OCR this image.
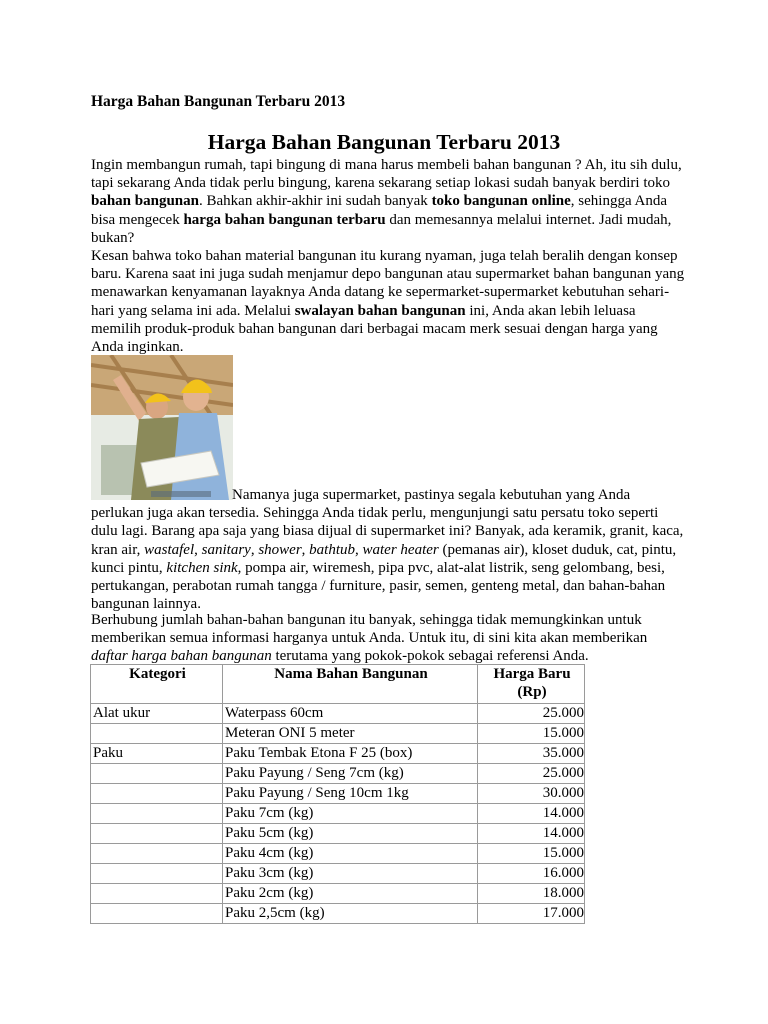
Harga Bahan Bangunan Terbaru 2013
Harga Bahan Bangunan Terbaru 2013

Ingin membangun rumah, tapi bingung di mana harus membeli bahan bangunan ? Ah, itu sih dulu, tapi sekarang Anda tidak perlu bingung, karena sekarang setiap lokasi sudah banyak berdiri toko bahan bangunan. Bahkan akhir-akhir ini sudah banyak toko bangunan online, sehingga Anda bisa mengecek harga bahan bangunan terbaru dan memesannya melalui internet. Jadi mudah, bukan?

Kesan bahwa toko bahan material bangunan itu kurang nyaman, juga telah beralih dengan konsep baru. Karena saat ini juga sudah menjamur depo bangunan atau supermarket bahan bangunan yang menawarkan kenyamanan layaknya Anda datang ke sepermarket-supermarket kebutuhan sehari-hari yang selama ini ada. Melalui swalayan bahan bangunan ini, Anda akan lebih leluasa memilih produk-produk bahan bangunan dari berbagai macam merk sesuai dengan harga yang Anda inginkan.

Namanya juga supermarket, pastinya segala kebutuhan yang Anda perlukan juga akan tersedia. Sehingga Anda tidak perlu, mengunjungi satu persatu toko seperti dulu lagi. Barang apa saja yang biasa dijual di supermarket ini? Banyak, ada keramik, granit, kaca, kran air, wastafel, sanitary, shower, bathtub, water heater (pemanas air), kloset duduk, cat, pintu, kunci pintu, kitchen sink, pompa air, wiremesh, pipa pvc, alat-alat listrik, seng gelombang, besi, pertukangan, perabotan rumah tangga / furniture, pasir, semen, genteng metal, dan bahan-bahan bangunan lainnya.

Berhubung jumlah bahan-bahan bangunan itu banyak, sehingga tidak memungkinkan untuk memberikan semua informasi harganya untuk Anda. Untuk itu, di sini kita akan memberikan daftar harga bahan bangunan terutama yang pokok-pokok sebagai referensi Anda.

Kategori	Nama Bahan Bangunan	Harga Baru (Rp)
Alat ukur	Waterpass 60cm	25.000
	Meteran ONI 5 meter	15.000
Paku	Paku Tembak Etona F 25 (box)	35.000
	Paku Payung / Seng 7cm (kg)	25.000
	Paku Payung / Seng 10cm 1kg	30.000
	Paku 7cm (kg)	14.000
	Paku 5cm (kg)	14.000
	Paku 4cm (kg)	15.000
	Paku 3cm (kg)	16.000
	Paku 2cm (kg)	18.000
	Paku 2,5cm (kg)	17.000
